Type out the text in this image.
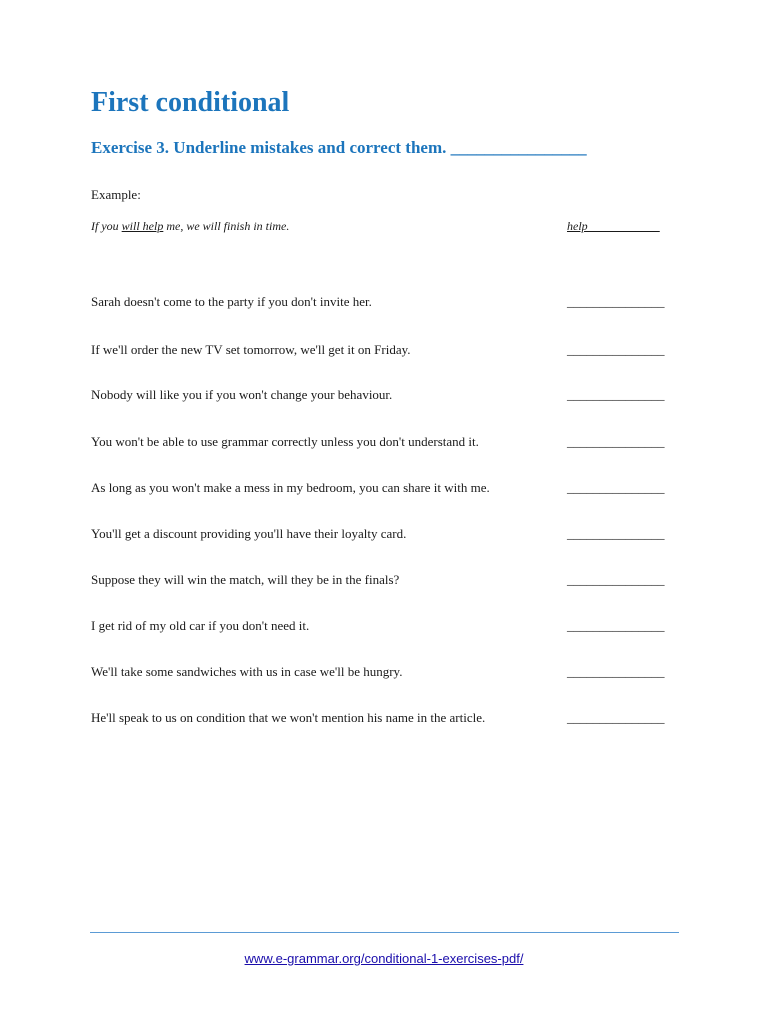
First conditional
Exercise 3. Underline mistakes and correct them. ________________
Example:
If you will help me, we will finish in time.	help____________
Sarah doesn't come to the party if you don't invite her.	_______________
If we'll order the new TV set tomorrow, we'll get it on Friday.	_______________
Nobody will like you if you won't change your behaviour.	_______________
You won't be able to use grammar correctly unless you don't understand it.	_______________
As long as you won't make a mess in my bedroom, you can share it with me.	_______________
You'll get a discount providing you'll have their loyalty card.	_______________
Suppose they will win the match, will they be in the finals?	_______________
I get rid of my old car if you don't need it.	_______________
We'll take some sandwiches with us in case we'll be hungry.	_______________
He'll speak to us on condition that we won't mention his name in the article.	_______________
www.e-grammar.org/conditional-1-exercises-pdf/
